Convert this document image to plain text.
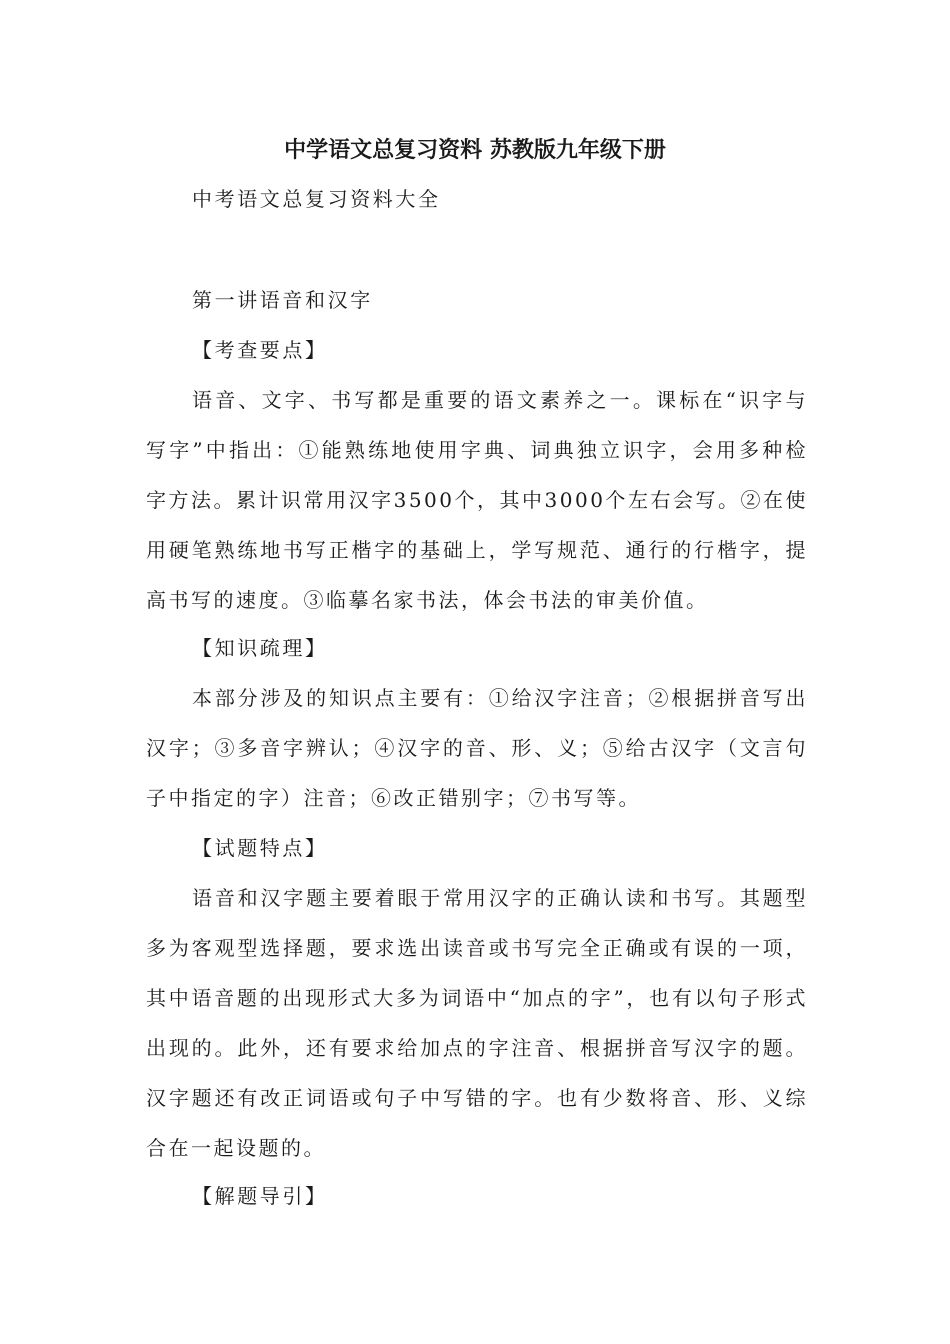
中学语文总复习资料 苏教版九年级下册

中考语文总复习资料大全

第一讲语音和汉字

【考查要点】

语音、文字、书写都是重要的语文素养之一。课标在“识字与写字”中指出：①能熟练地使用字典、词典独立识字，会用多种检字方法。累计识常用汉字3500个，其中3000个左右会写。②在使用硬笔熟练地书写正楷字的基础上，学写规范、通行的行楷字，提高书写的速度。③临摹名家书法，体会书法的审美价值。

【知识疏理】

本部分涉及的知识点主要有：①给汉字注音；②根据拼音写出汉字；③多音字辨认；④汉字的音、形、义；⑤给古汉字（文言句子中指定的字）注音；⑥改正错别字；⑦书写等。

【试题特点】

语音和汉字题主要着眼于常用汉字的正确认读和书写。其题型多为客观型选择题，要求选出读音或书写完全正确或有误的一项，其中语音题的出现形式大多为词语中“加点的字”，也有以句子形式出现的。此外，还有要求给加点的字注音、根据拼音写汉字的题。汉字题还有改正词语或句子中写错的字。也有少数将音、形、义综合在一起设题的。

【解题导引】
